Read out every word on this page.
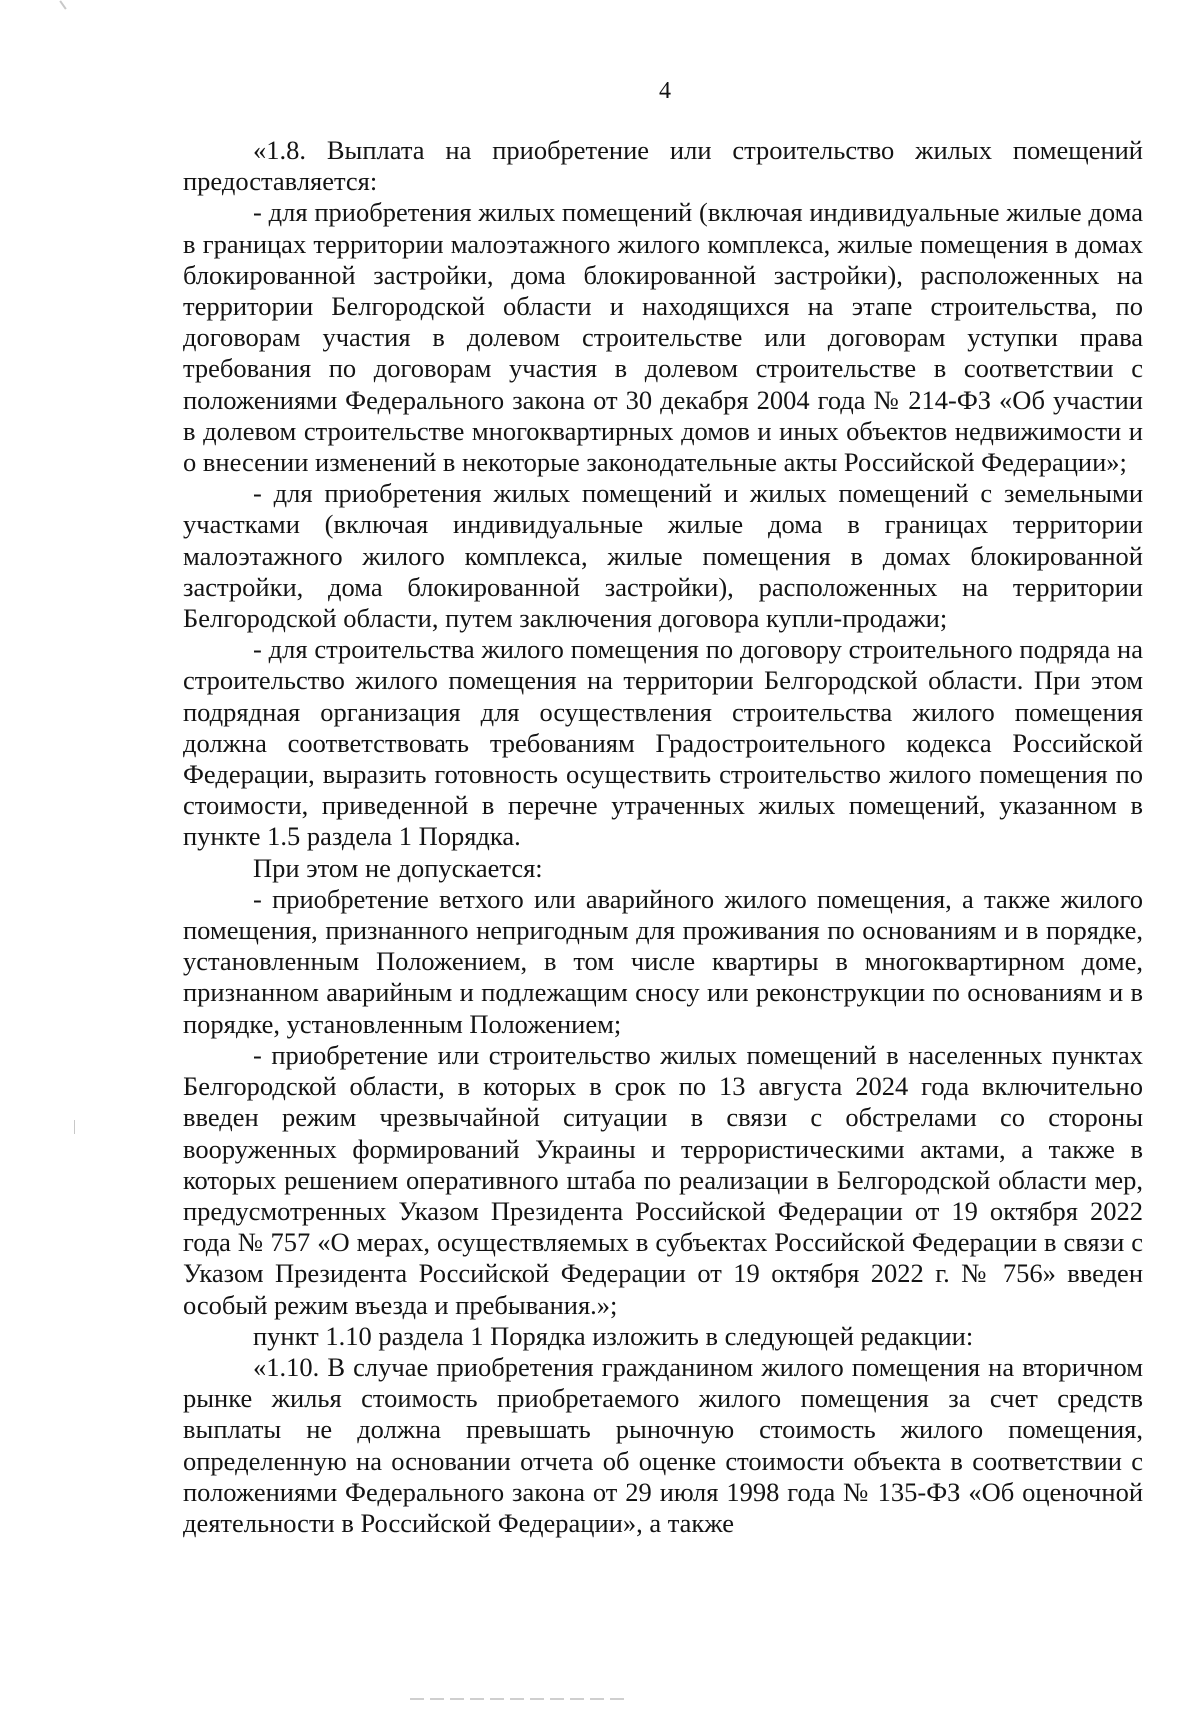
4

«1.8. Выплата на приобретение или строительство жилых помещений предоставляется:

- для приобретения жилых помещений (включая индивидуальные жилые дома в границах территории малоэтажного жилого комплекса, жилые помещения в домах блокированной застройки, дома блокированной застройки), расположенных на территории Белгородской области и находящихся на этапе строительства, по договорам участия в долевом строительстве или договорам уступки права требования по договорам участия в долевом строительстве в соответствии с положениями Федерального закона от 30 декабря 2004 года № 214-ФЗ «Об участии в долевом строительстве многоквартирных домов и иных объектов недвижимости и о внесении изменений в некоторые законодательные акты Российской Федерации»;

- для приобретения жилых помещений и жилых помещений с земельными участками (включая индивидуальные жилые дома в границах территории малоэтажного жилого комплекса, жилые помещения в домах блокированной застройки, дома блокированной застройки), расположенных на территории Белгородской области, путем заключения договора купли-продажи;

- для строительства жилого помещения по договору строительного подряда на строительство жилого помещения на территории Белгородской области. При этом подрядная организация для осуществления строительства жилого помещения должна соответствовать требованиям Градостроительного кодекса Российской Федерации, выразить готовность осуществить строительство жилого помещения по стоимости, приведенной в перечне утраченных жилых помещений, указанном в пункте 1.5 раздела 1 Порядка.

При этом не допускается:

- приобретение ветхого или аварийного жилого помещения, а также жилого помещения, признанного непригодным для проживания по основаниям и в порядке, установленным Положением, в том числе квартиры в многоквартирном доме, признанном аварийным и подлежащим сносу или реконструкции по основаниям и в порядке, установленным Положением;

- приобретение или строительство жилых помещений в населенных пунктах Белгородской области, в которых в срок по 13 августа 2024 года включительно введен режим чрезвычайной ситуации в связи с обстрелами со стороны вооруженных формирований Украины и террористическими актами, а также в которых решением оперативного штаба по реализации в Белгородской области мер, предусмотренных Указом Президента Российской Федерации от 19 октября 2022 года № 757 «О мерах, осуществляемых в субъектах Российской Федерации в связи с Указом Президента Российской Федерации от 19 октября 2022 г. № 756» введен особый режим въезда и пребывания.»;

пункт 1.10 раздела 1 Порядка изложить в следующей редакции:

«1.10. В случае приобретения гражданином жилого помещения на вторичном рынке жилья стоимость приобретаемого жилого помещения за счет средств выплаты не должна превышать рыночную стоимость жилого помещения, определенную на основании отчета об оценке стоимости объекта в соответствии с положениями Федерального закона от 29 июля 1998 года № 135-ФЗ «Об оценочной деятельности в Российской Федерации», а также
